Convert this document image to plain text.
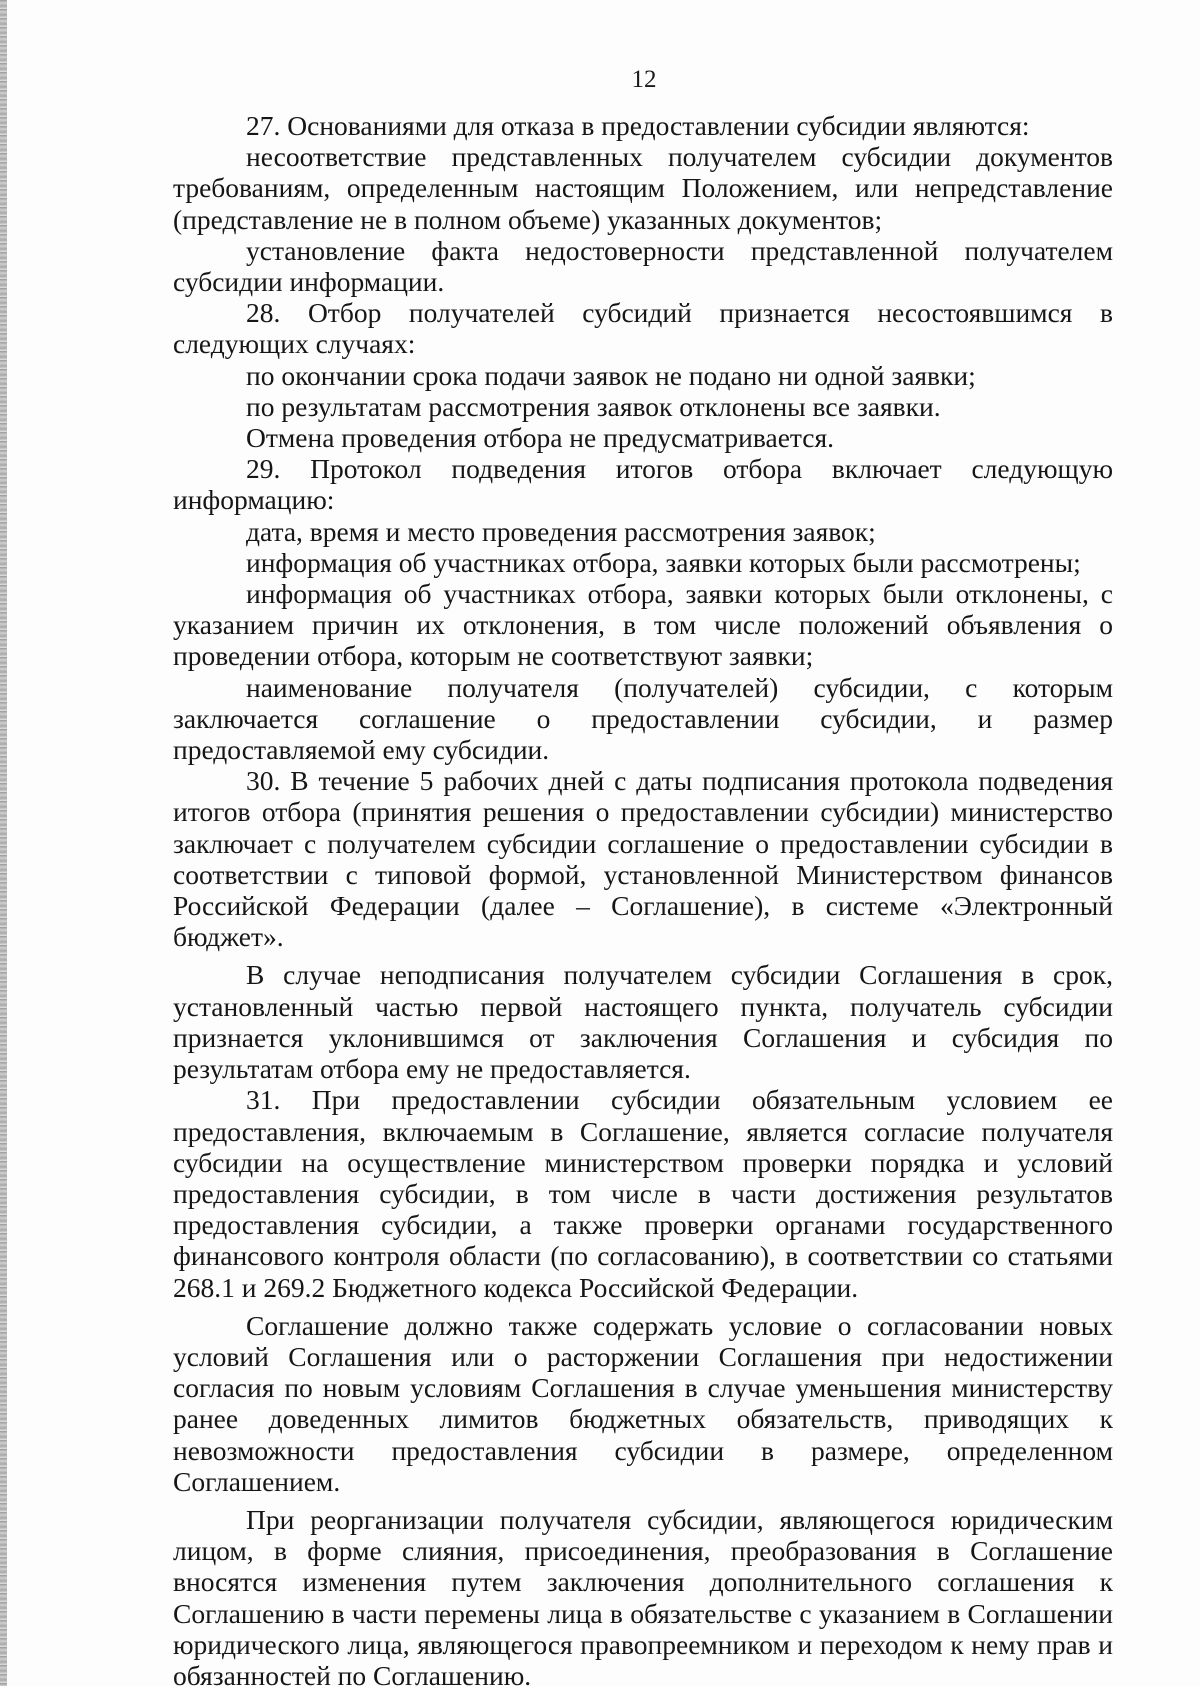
12

27. Основаниями для отказа в предоставлении субсидии являются:

несоответствие представленных получателем субсидии документов требованиям, определенным настоящим Положением, или непредставление (представление не в полном объеме) указанных документов;

установление факта недостоверности представленной получателем субсидии информации.

28. Отбор получателей субсидий признается несостоявшимся в следующих случаях:

по окончании срока подачи заявок не подано ни одной заявки;

по результатам рассмотрения заявок отклонены все заявки.

Отмена проведения отбора не предусматривается.

29. Протокол подведения итогов отбора включает следующую информацию:

дата, время и место проведения рассмотрения заявок;

информация об участниках отбора, заявки которых были рассмотрены;

информация об участниках отбора, заявки которых были отклонены, с указанием причин их отклонения, в том числе положений объявления о проведении отбора, которым не соответствуют заявки;

наименование получателя (получателей) субсидии, с которым заключается соглашение о предоставлении субсидии, и размер предоставляемой ему субсидии.

30. В течение 5 рабочих дней с даты подписания протокола подведения итогов отбора (принятия решения о предоставлении субсидии) министерство заключает с получателем субсидии соглашение о предоставлении субсидии в соответствии с типовой формой, установленной Министерством финансов Российской Федерации (далее – Соглашение), в системе «Электронный бюджет».

В случае неподписания получателем субсидии Соглашения в срок, установленный частью первой настоящего пункта, получатель субсидии признается уклонившимся от заключения Соглашения и субсидия по результатам отбора ему не предоставляется.

31. При предоставлении субсидии обязательным условием ее предоставления, включаемым в Соглашение, является согласие получателя субсидии на осуществление министерством проверки порядка и условий предоставления субсидии, в том числе в части достижения результатов предоставления субсидии, а также проверки органами государственного финансового контроля области (по согласованию), в соответствии со статьями 268.1 и 269.2 Бюджетного кодекса Российской Федерации.

Соглашение должно также содержать условие о согласовании новых условий Соглашения или о расторжении Соглашения при недостижении согласия по новым условиям Соглашения в случае уменьшения министерству ранее доведенных лимитов бюджетных обязательств, приводящих к невозможности предоставления субсидии в размере, определенном Соглашением.

При реорганизации получателя субсидии, являющегося юридическим лицом, в форме слияния, присоединения, преобразования в Соглашение вносятся изменения путем заключения дополнительного соглашения к Соглашению в части перемены лица в обязательстве с указанием в Соглашении юридического лица, являющегося правопреемником и переходом к нему прав и обязанностей по Соглашению.
